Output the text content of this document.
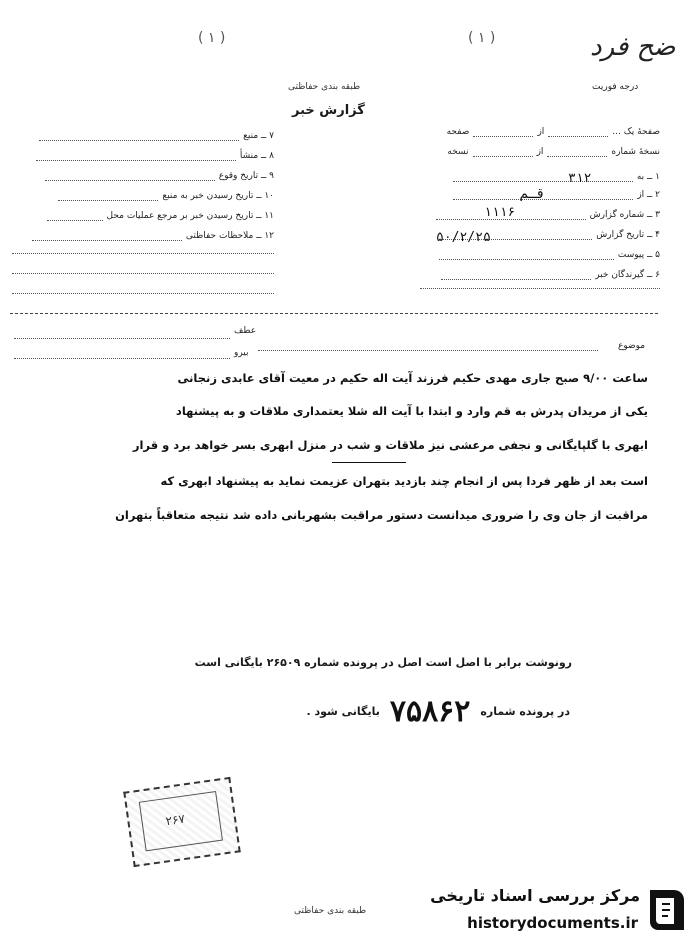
( ۱ )	( ۱ )	ضح فرد
درجه فوریت
طبقه بندی حفاظتی
گزارش خبر
صفحۀ یک ...
از
صفحه
نسخۀ شماره
از
نسخه
۱ ــ به
۲ ــ از
۳ ــ شماره گزارش
۴ ــ تاریخ گزارش
۵ ــ پیوست
۶ ــ گیرندگان خبر
۳۱۲
قـم
۱۱۱۶
۵۰/۲/۲۵
۷ ــ منبع
۸ ــ منشأ
۹ ــ تاریخ وقوع
۱۰ ــ تاریخ رسیدن خبر به منبع
۱۱ ــ تاریخ رسیدن خبر بر مرجع عملیات محل
۱۲ ــ ملاحظات حفاظتی
عطف
بیرو
موضوع
ساعت ۹/۰۰ صبح جاری مهدی حکیم فرزند آیت اله حکیم در معیت آقای عابدی زنجانی
یکی از مریدان پدرش به قم وارد و ابتدا با آیت اله شلا یعتمداری ملاقات و به پیشنهاد
ابهری با گلپایگانی و نجفی مرعشی نیز ملاقات و شب در منزل ابهری بسر خواهد برد و قرار
است بعد از ظهر فردا پس از انجام چند بازدید بتهران عزیمت نماید به پیشنهاد ابهری که
مراقبت از جان وی را ضروری میدانست دستور مراقبت بشهربانی داده شد نتیجه متعاقباً بتهران
رونوشت برابر با اصل است اصل در پرونده شماره ۲۶۵۰۹ بایگانی است
در پرونده شماره
۷۵۸۶۲
بایگانی شود .
۲۶۷
طبقه بندی حفاظتی
مرکز بررسی اسناد تاریخی
historydocuments.ir
